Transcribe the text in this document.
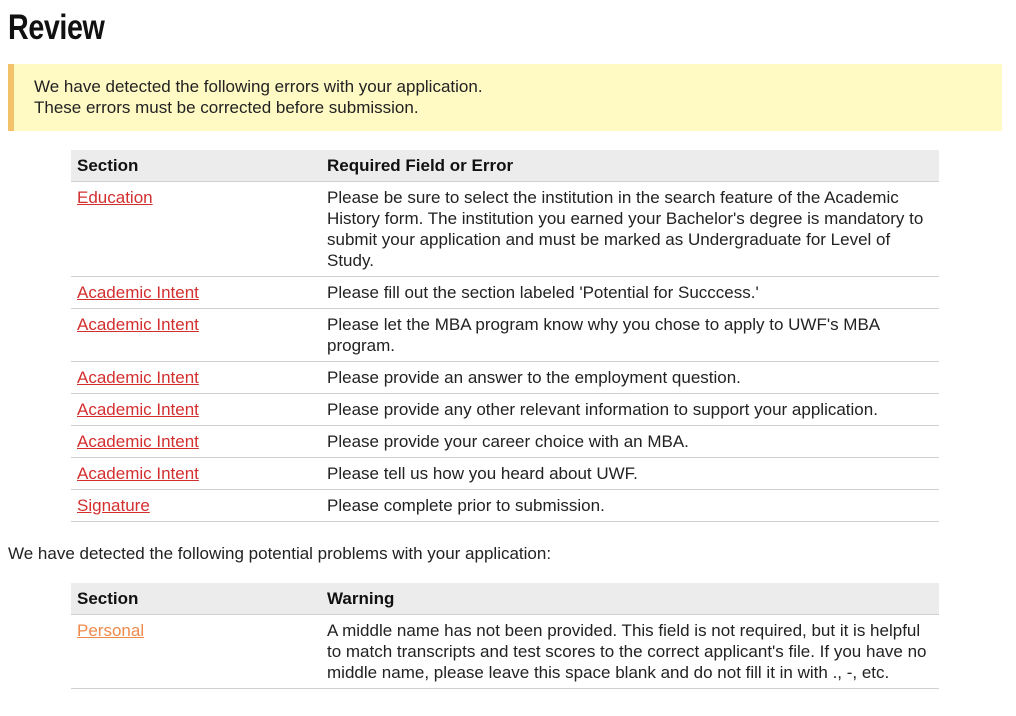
Review

We have detected the following errors with your application.

These errors must be corrected before submission.

Section	Required Field or Error
Education	Please be sure to select the institution in the search feature of the Academic History form. The institution you earned your Bachelor's degree is mandatory to submit your application and must be marked as Undergraduate for Level of Study.
Academic Intent	Please fill out the section labeled 'Potential for Succcess.'
Academic Intent	Please let the MBA program know why you chose to apply to UWF's MBA program.
Academic Intent	Please provide an answer to the employment question.
Academic Intent	Please provide any other relevant information to support your application.
Academic Intent	Please provide your career choice with an MBA.
Academic Intent	Please tell us how you heard about UWF.
Signature	Please complete prior to submission.

We have detected the following potential problems with your application:

Section	Warning
Personal	A middle name has not been provided. This field is not required, but it is helpful to match transcripts and test scores to the correct applicant's file. If you have no middle name, please leave this space blank and do not fill it in with ., -, etc.
